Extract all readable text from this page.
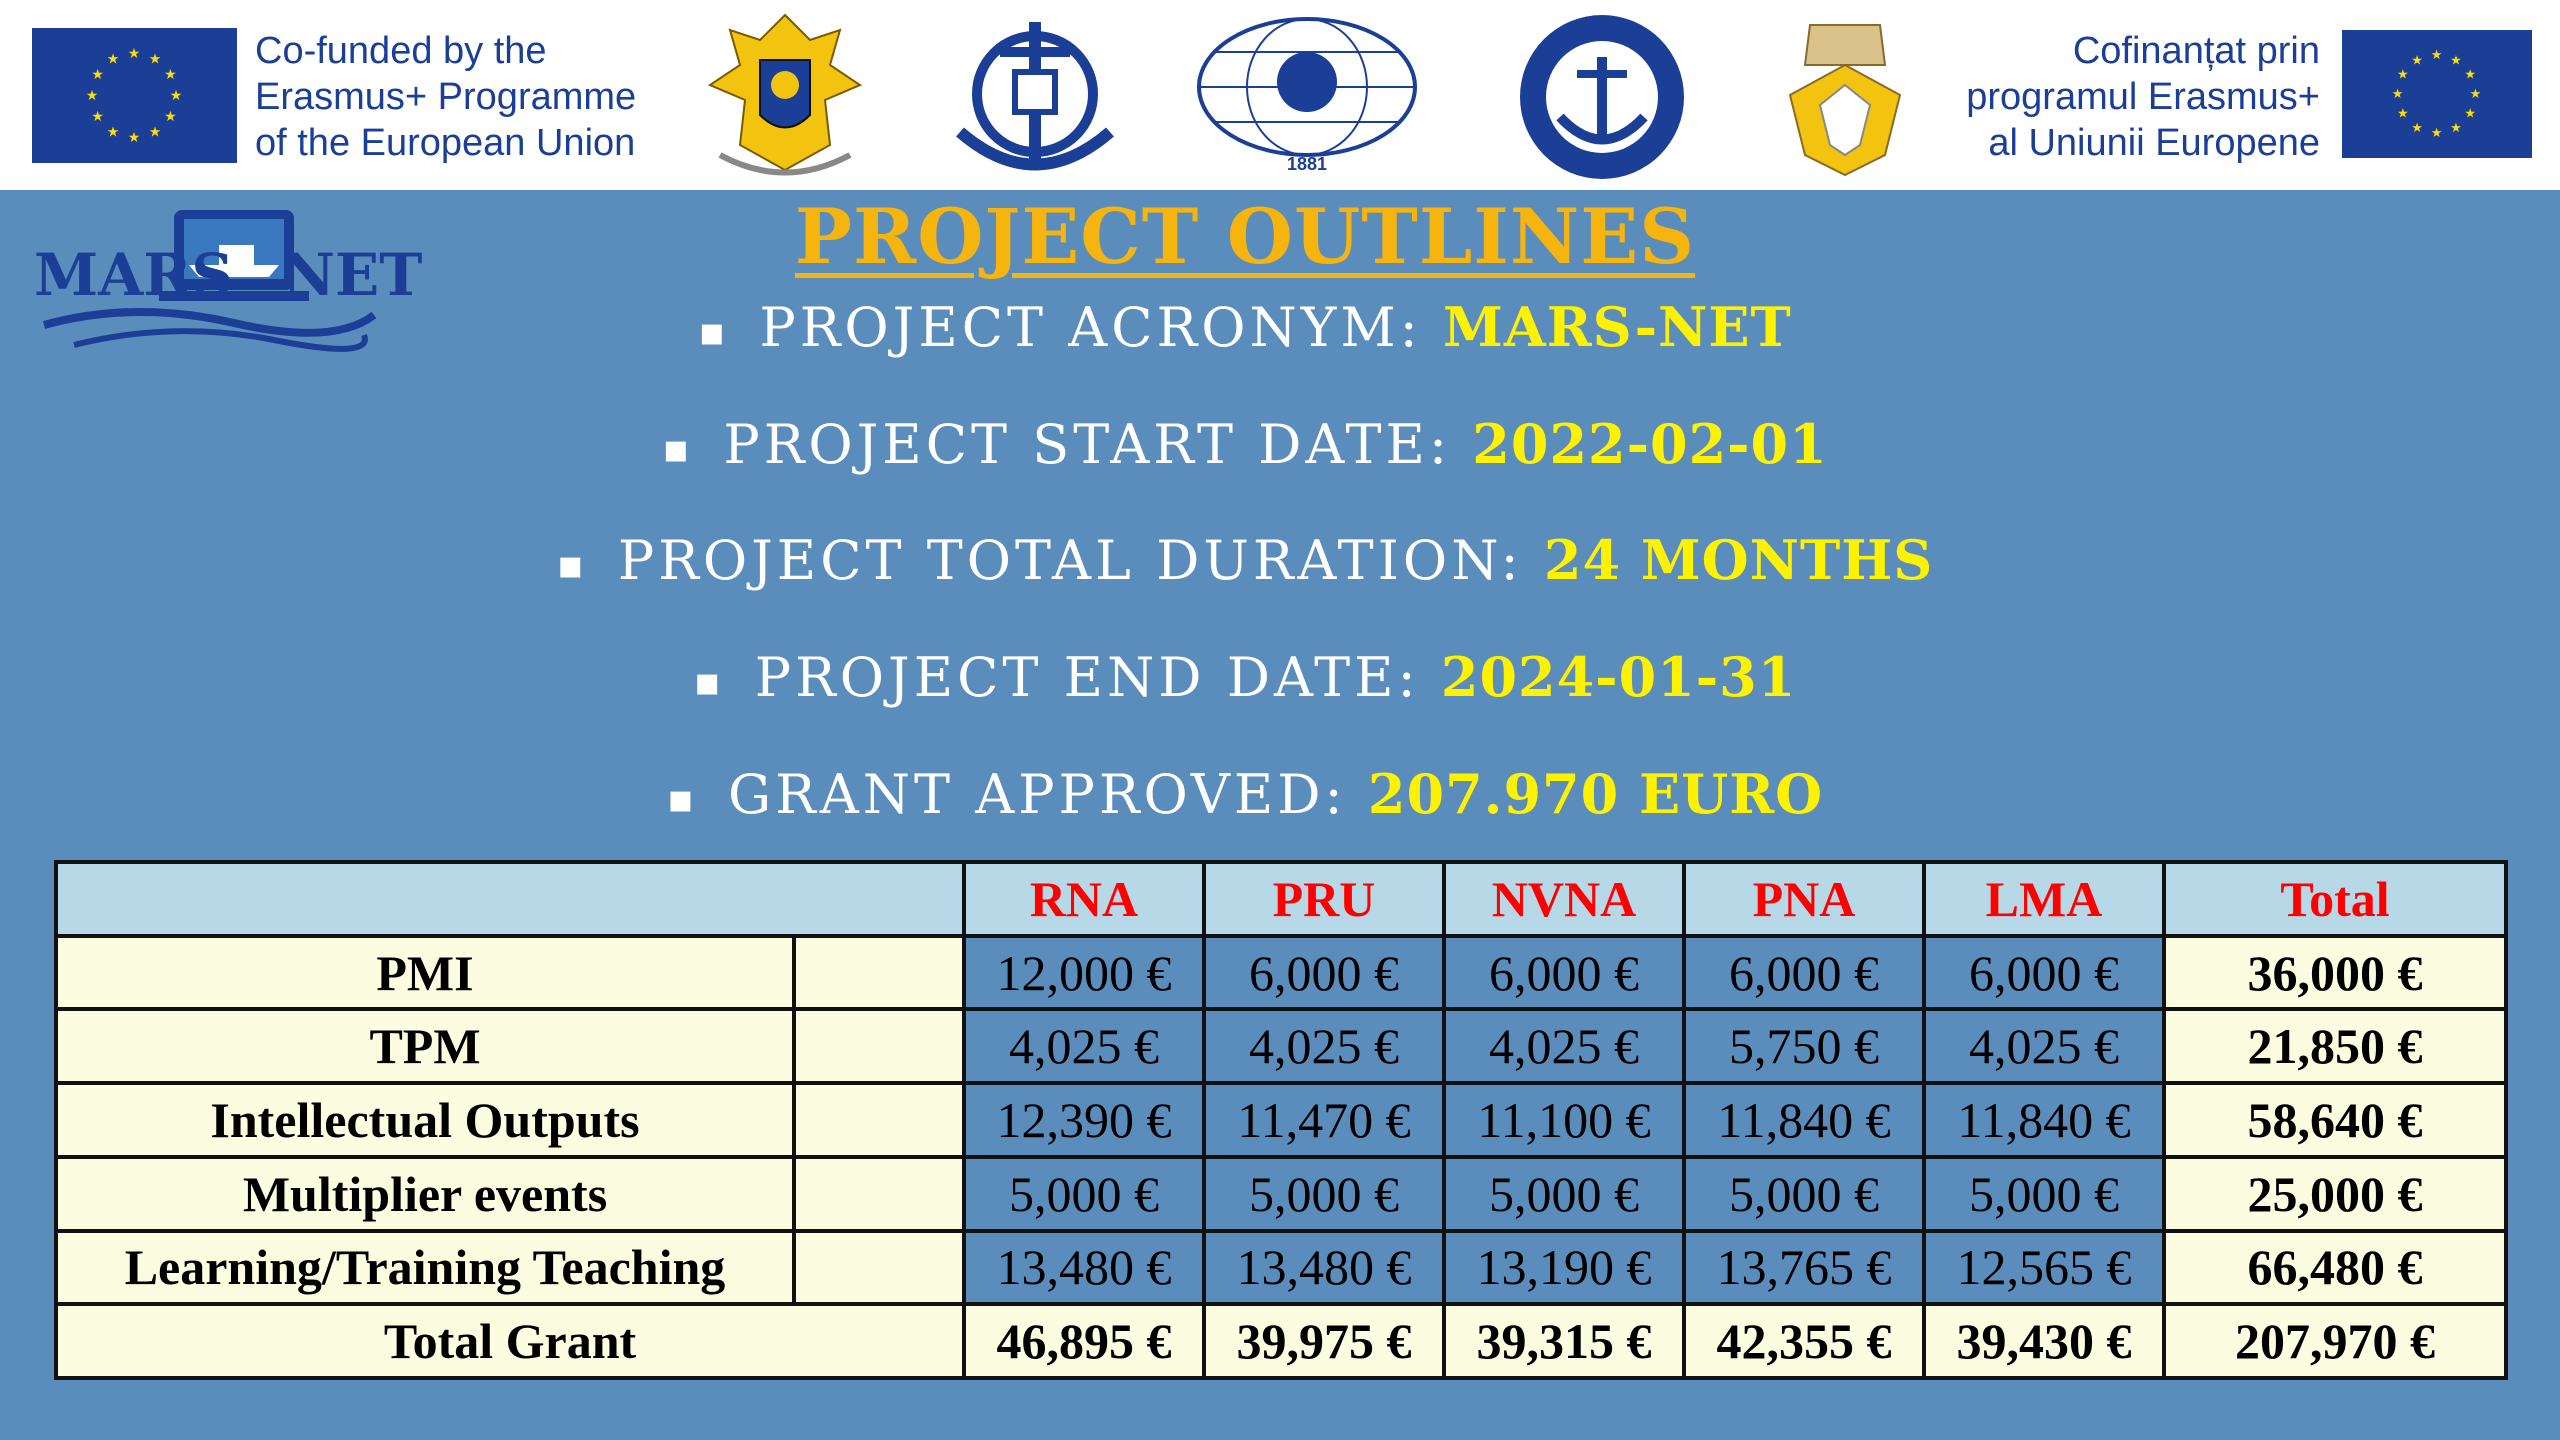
★ ★
★
★
★
★
★
★
★
★
★
★	Co-funded by the
Erasmus+ Programme
of the European Union	1881
Cofinanțat prin
programul Erasmus+
al Uniunii Europene
★ ★
★
★
★
★
★
★
★
★
★
★
MARS NET	PROJECT OUTLINES
▪ PROJECT ACRONYM: MARS-NET
▪ PROJECT START DATE: 2022-02-01
▪ PROJECT TOTAL DURATION: 24 MONTHS
▪ PROJECT END DATE: 2024-01-31
▪ GRANT APPROVED: 207.970 EURO
		RNA	PRU	NVNA	PNA	LMA	Total
PMI		12,000 €	6,000 €	6,000 €	6,000 €	6,000 €	36,000 €
TPM		4,025 €	4,025 €	4,025 €	5,750 €	4,025 €	21,850 €
Intellectual Outputs		12,390 €	11,470 €	11,100 €	11,840 €	11,840 €	58,640 €
Multiplier events		5,000 €	5,000 €	5,000 €	5,000 €	5,000 €	25,000 €
Learning/Training Teaching		13,480 €	13,480 €	13,190 €	13,765 €	12,565 €	66,480 €
Total Grant		46,895 €	39,975 €	39,315 €	42,355 €	39,430 €	207,970 €
